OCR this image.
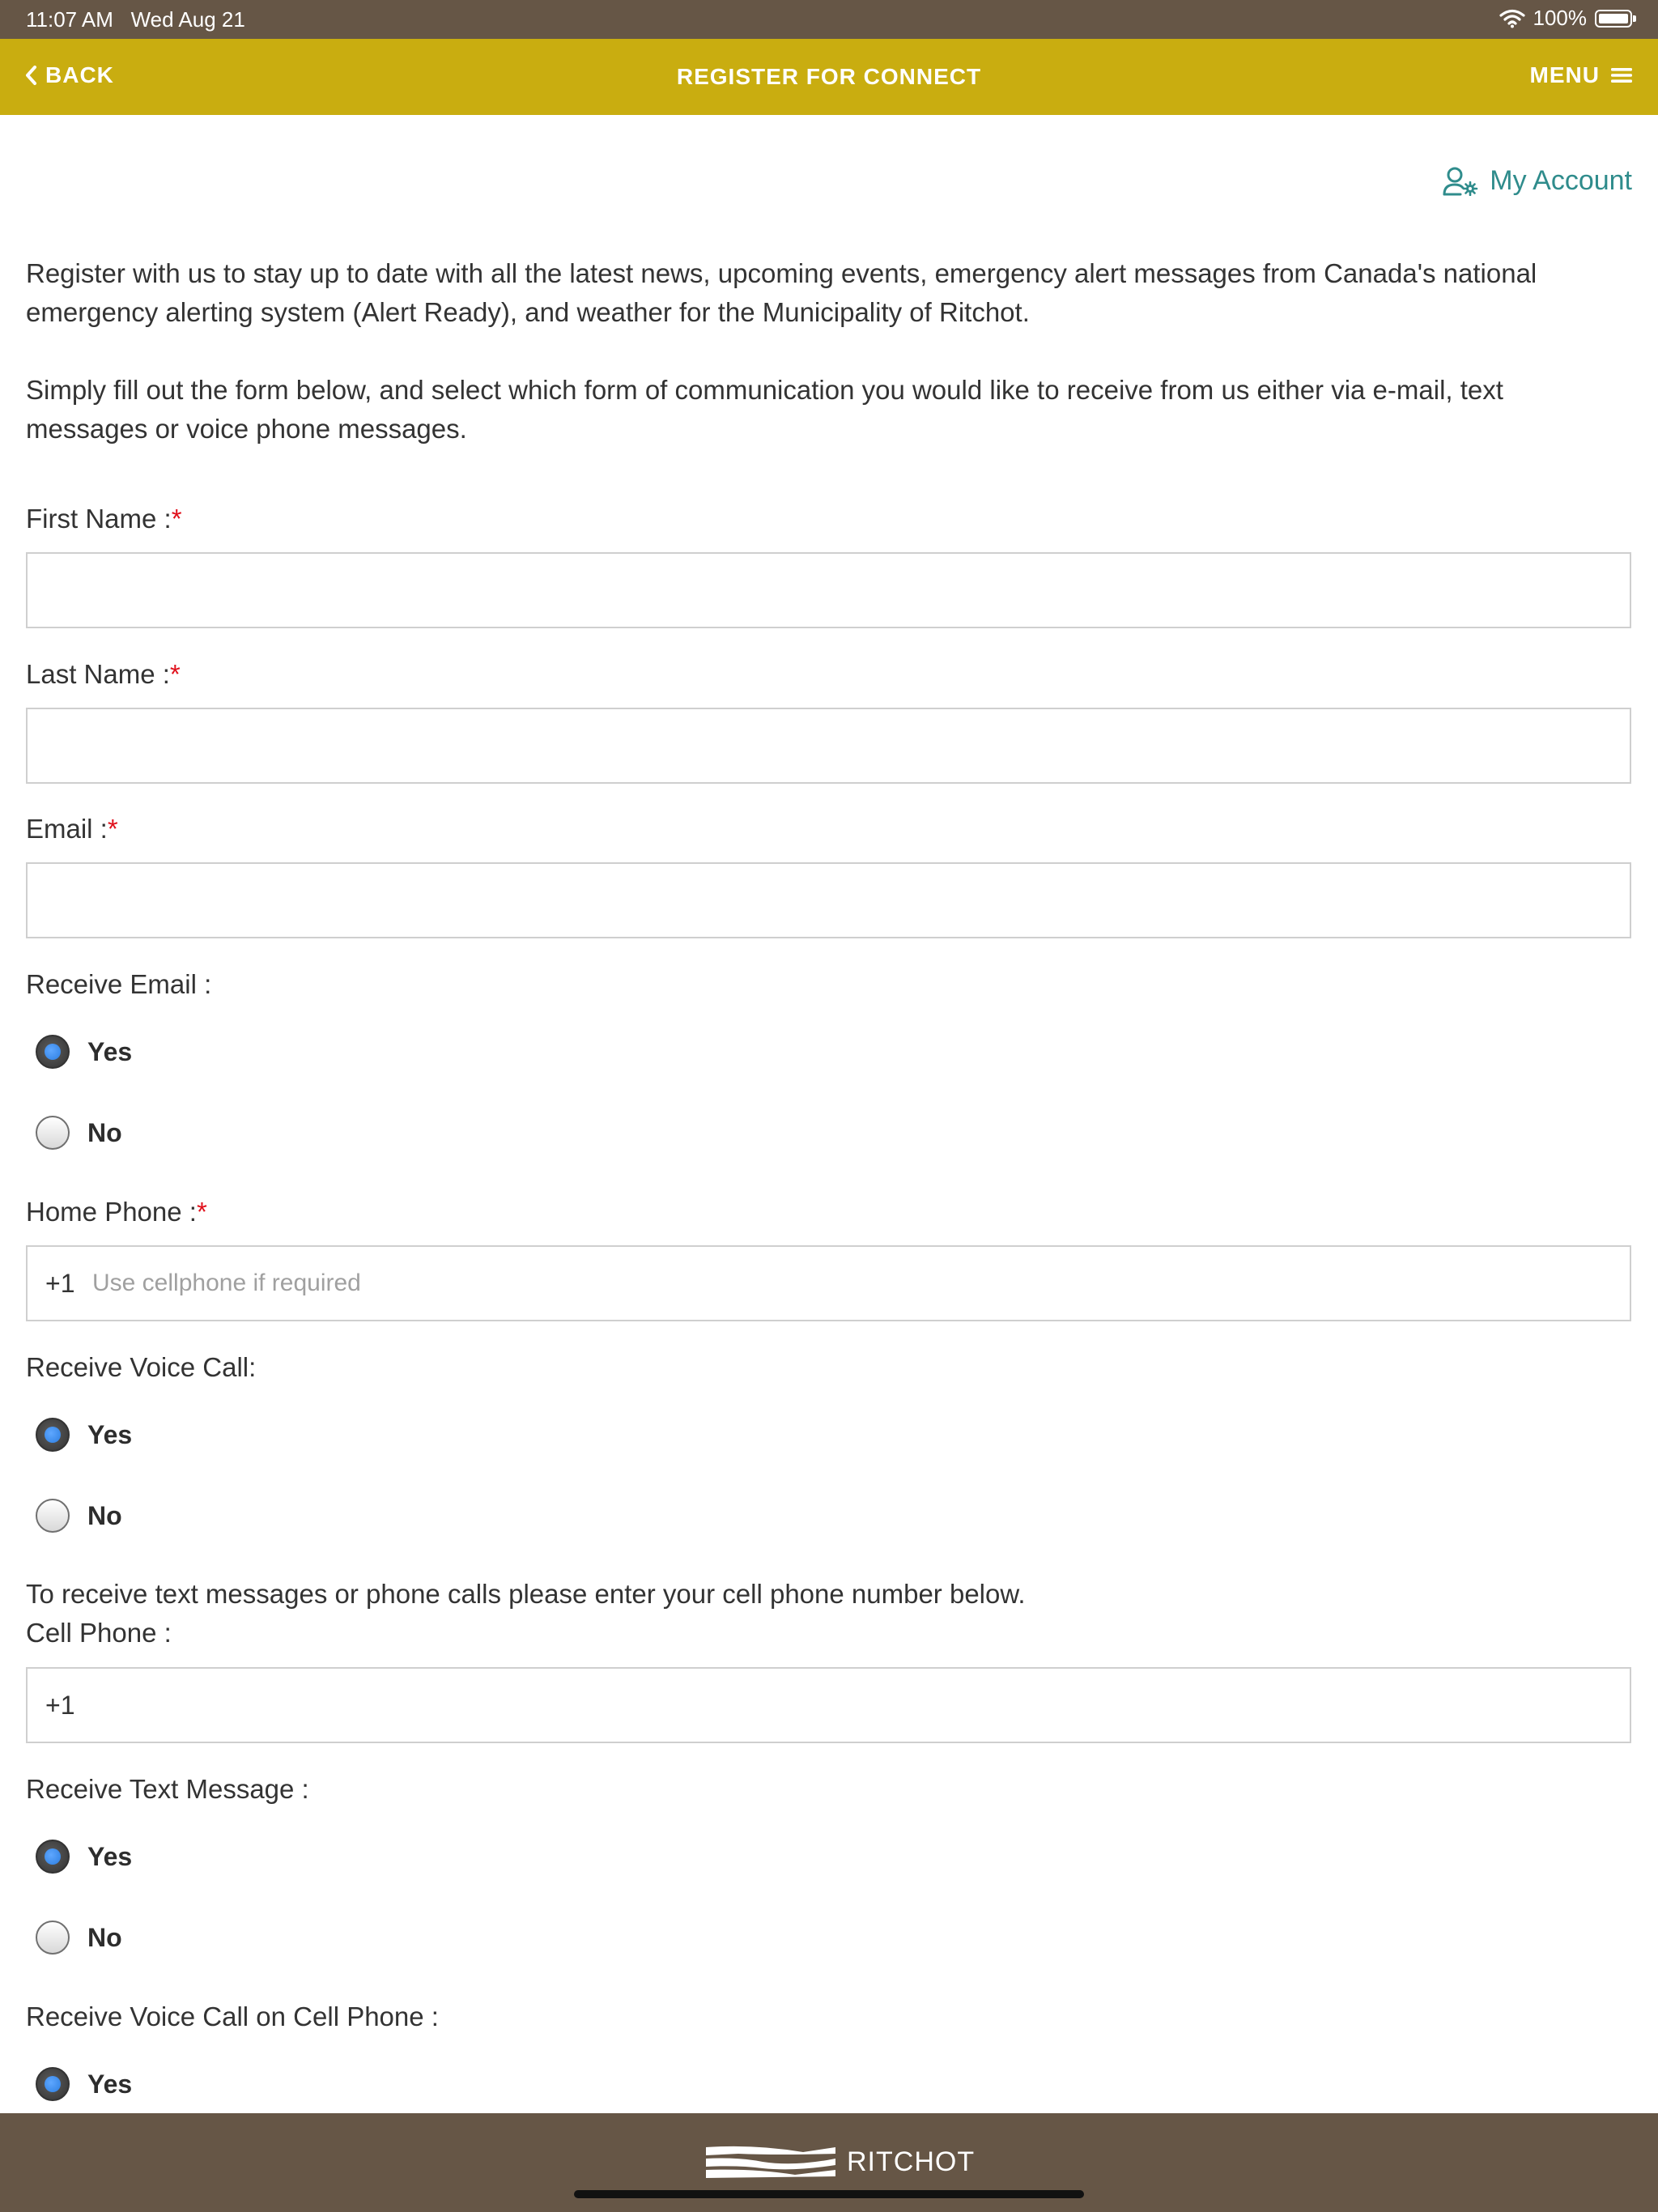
11:07 AM Wed Aug 21	100%
BACK	REGISTER FOR CONNECT	MENU
My Account

Register with us to stay up to date with all the latest news, upcoming events, emergency alert messages from Canada's national emergency alerting system (Alert Ready), and weather for the Municipality of Ritchot.

Simply fill out the form below, and select which form of communication you would like to receive from us either via e-mail, text messages or voice phone messages.

First Name :*
Last Name :*
Email :*
Receive Email :
Yes
No
Home Phone :*
+1
Use cellphone if required
Receive Voice Call:
Yes
No
To receive text messages or phone calls please enter your cell phone number below.
Cell Phone :
+1
Receive Text Message :
Yes
No
Receive Voice Call on Cell Phone :
Yes
RITCHOT
